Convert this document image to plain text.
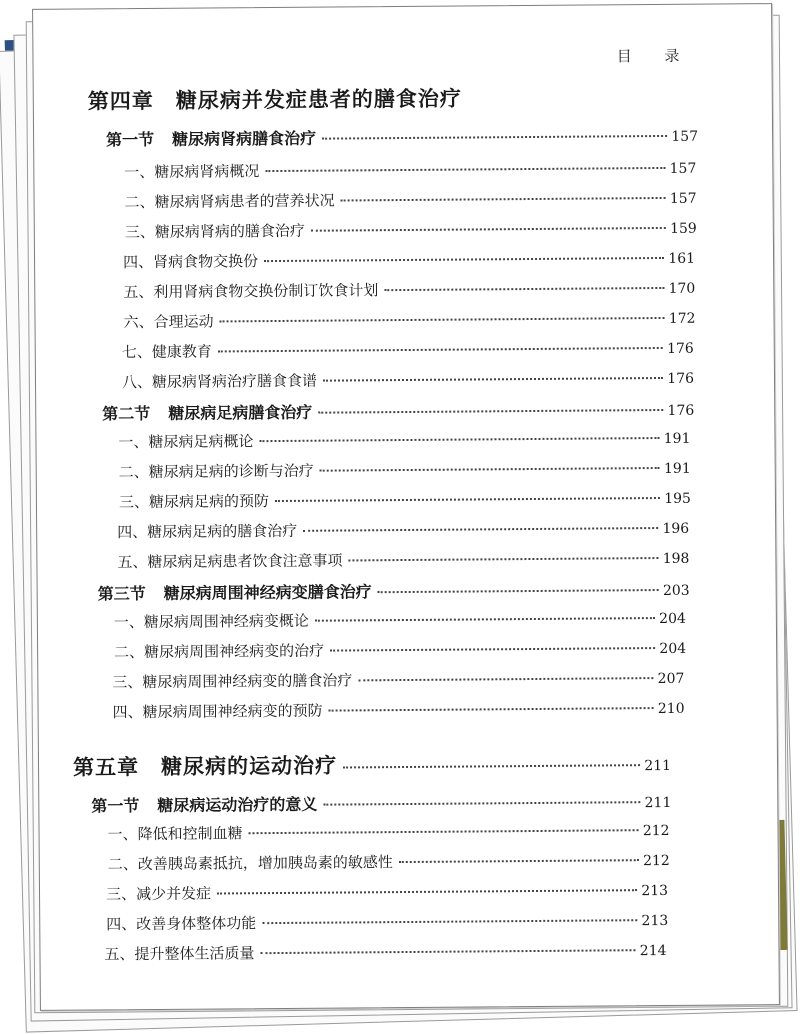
目 录
第四章 糖尿病并发症患者的膳食治疗
第一节 糖尿病肾病膳食治疗	157
一、糖尿病肾病概况	157
二、糖尿病肾病患者的营养状况	157
三、糖尿病肾病的膳食治疗	159
四、肾病食物交换份	161
五、利用肾病食物交换份制订饮食计划	170
六、合理运动	172
七、健康教育	176
八、糖尿病肾病治疗膳食食谱	176
第二节 糖尿病足病膳食治疗	176
一、糖尿病足病概论	191
二、糖尿病足病的诊断与治疗	191
三、糖尿病足病的预防	195
四、糖尿病足病的膳食治疗	196
五、糖尿病足病患者饮食注意事项	198
第三节 糖尿病周围神经病变膳食治疗	203
一、糖尿病周围神经病变概论	204
二、糖尿病周围神经病变的治疗	204
三、糖尿病周围神经病变的膳食治疗	207
四、糖尿病周围神经病变的预防	210
第五章 糖尿病的运动治疗	211
第一节 糖尿病运动治疗的意义	211
一、降低和控制血糖	212
二、改善胰岛素抵抗，增加胰岛素的敏感性	212
三、减少并发症	213
四、改善身体整体功能	213
五、提升整体生活质量	214
